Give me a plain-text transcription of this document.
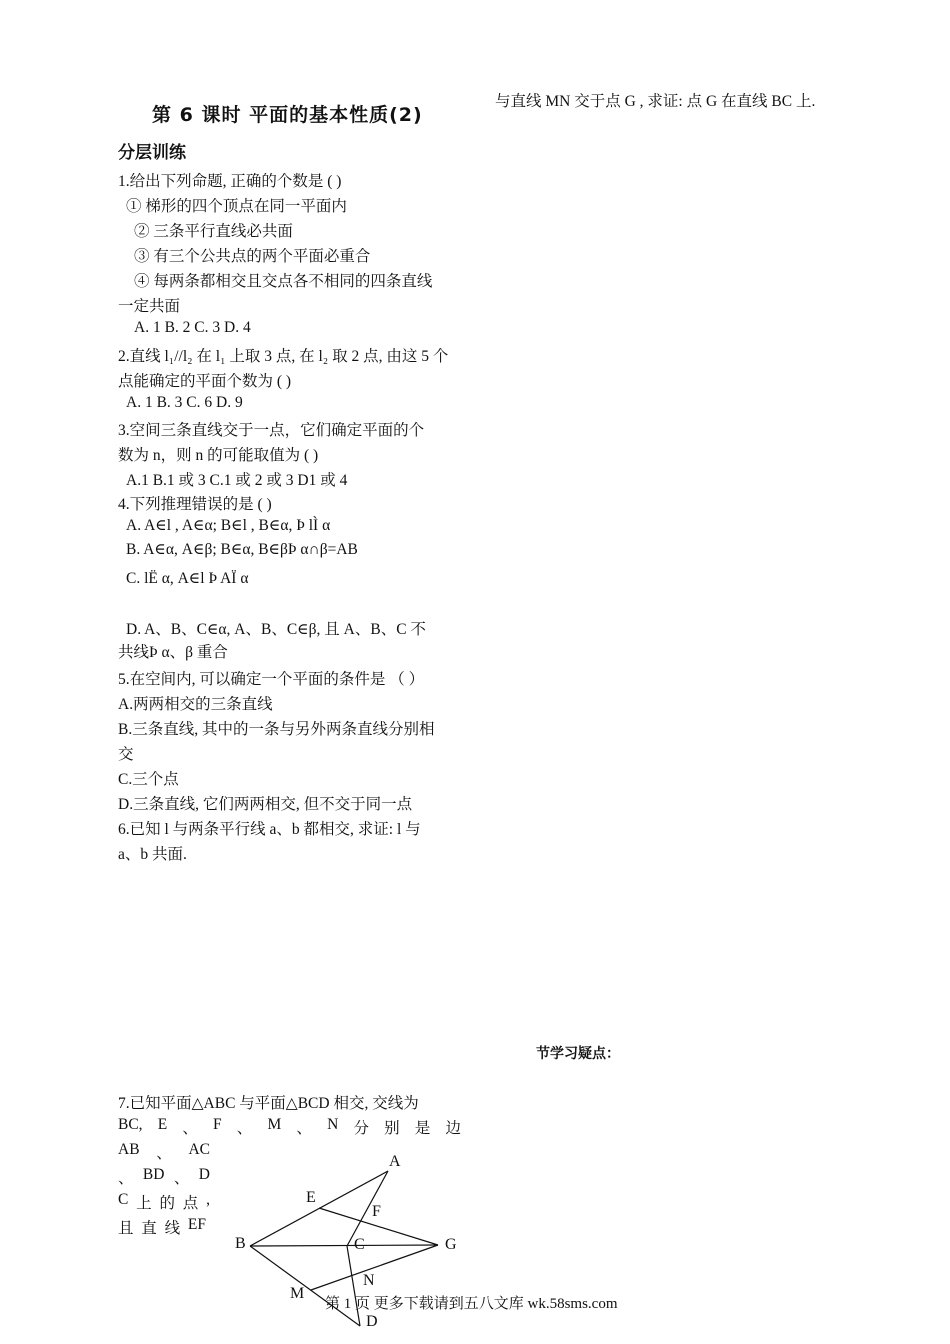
第 6 课时 平面的基本性质(2)
分层训练
与直线 MN 交于点 G , 求证: 点 G 在直线 BC 上.
1.给出下列命题, 正确的个数是 ( )
① 梯形的四个顶点在同一平面内
② 三条平行直线必共面
③ 有三个公共点的两个平面必重合
④ 每两条都相交且交点各不相同的四条直线
一定共面
A. 1 B. 2 C. 3 D. 4
2.直线 l₁//l₂ 在 l₁ 上取 3 点, 在 l₂ 取 2 点, 由这 5 个
点能确定的平面个数为 ( )
A. 1 B. 3 C. 6 D. 9
3.空间三条直线交于一点，它们确定平面的个
数为 n，则 n 的可能取值为 ( )
A.1 B.1 或 3 C.1 或 2 或 3 D1 或 4
4.下列推理错误的是 ( )
A. A∈l , A∈α; B∈l , B∈α, Þ lÌ α
B. A∈α, A∈β; B∈α, B∈βÞ α∩β=AB
C. lË α, A∈l Þ AÏ α
D. A、B、C∈α, A、B、C∈β, 且 A、B、C 不
共线Þ α、β 重合
5.在空间内, 可以确定一个平面的条件是 （ ）
A.两两相交的三条直线
B.三条直线, 其中的一条与另外两条直线分别相
交
C.三个点
D.三条直线, 它们两两相交, 但不交于同一点
6.已知 l 与两条平行线 a、b 都相交, 求证: l 与
a、b 共面.
7.已知平面△ABC 与平面△BCD 相交, 交线为
BC, E 、 F 、 M 、 N 分 别 是 边
AB 、 AC
、 BD 、 D
C 上 的 点 ,
且 直 线 EF
A
E
F
B	C	G
N
M
D
节学习疑点：
第 1 页 更多下载请到五八文库 wk.58sms.com
